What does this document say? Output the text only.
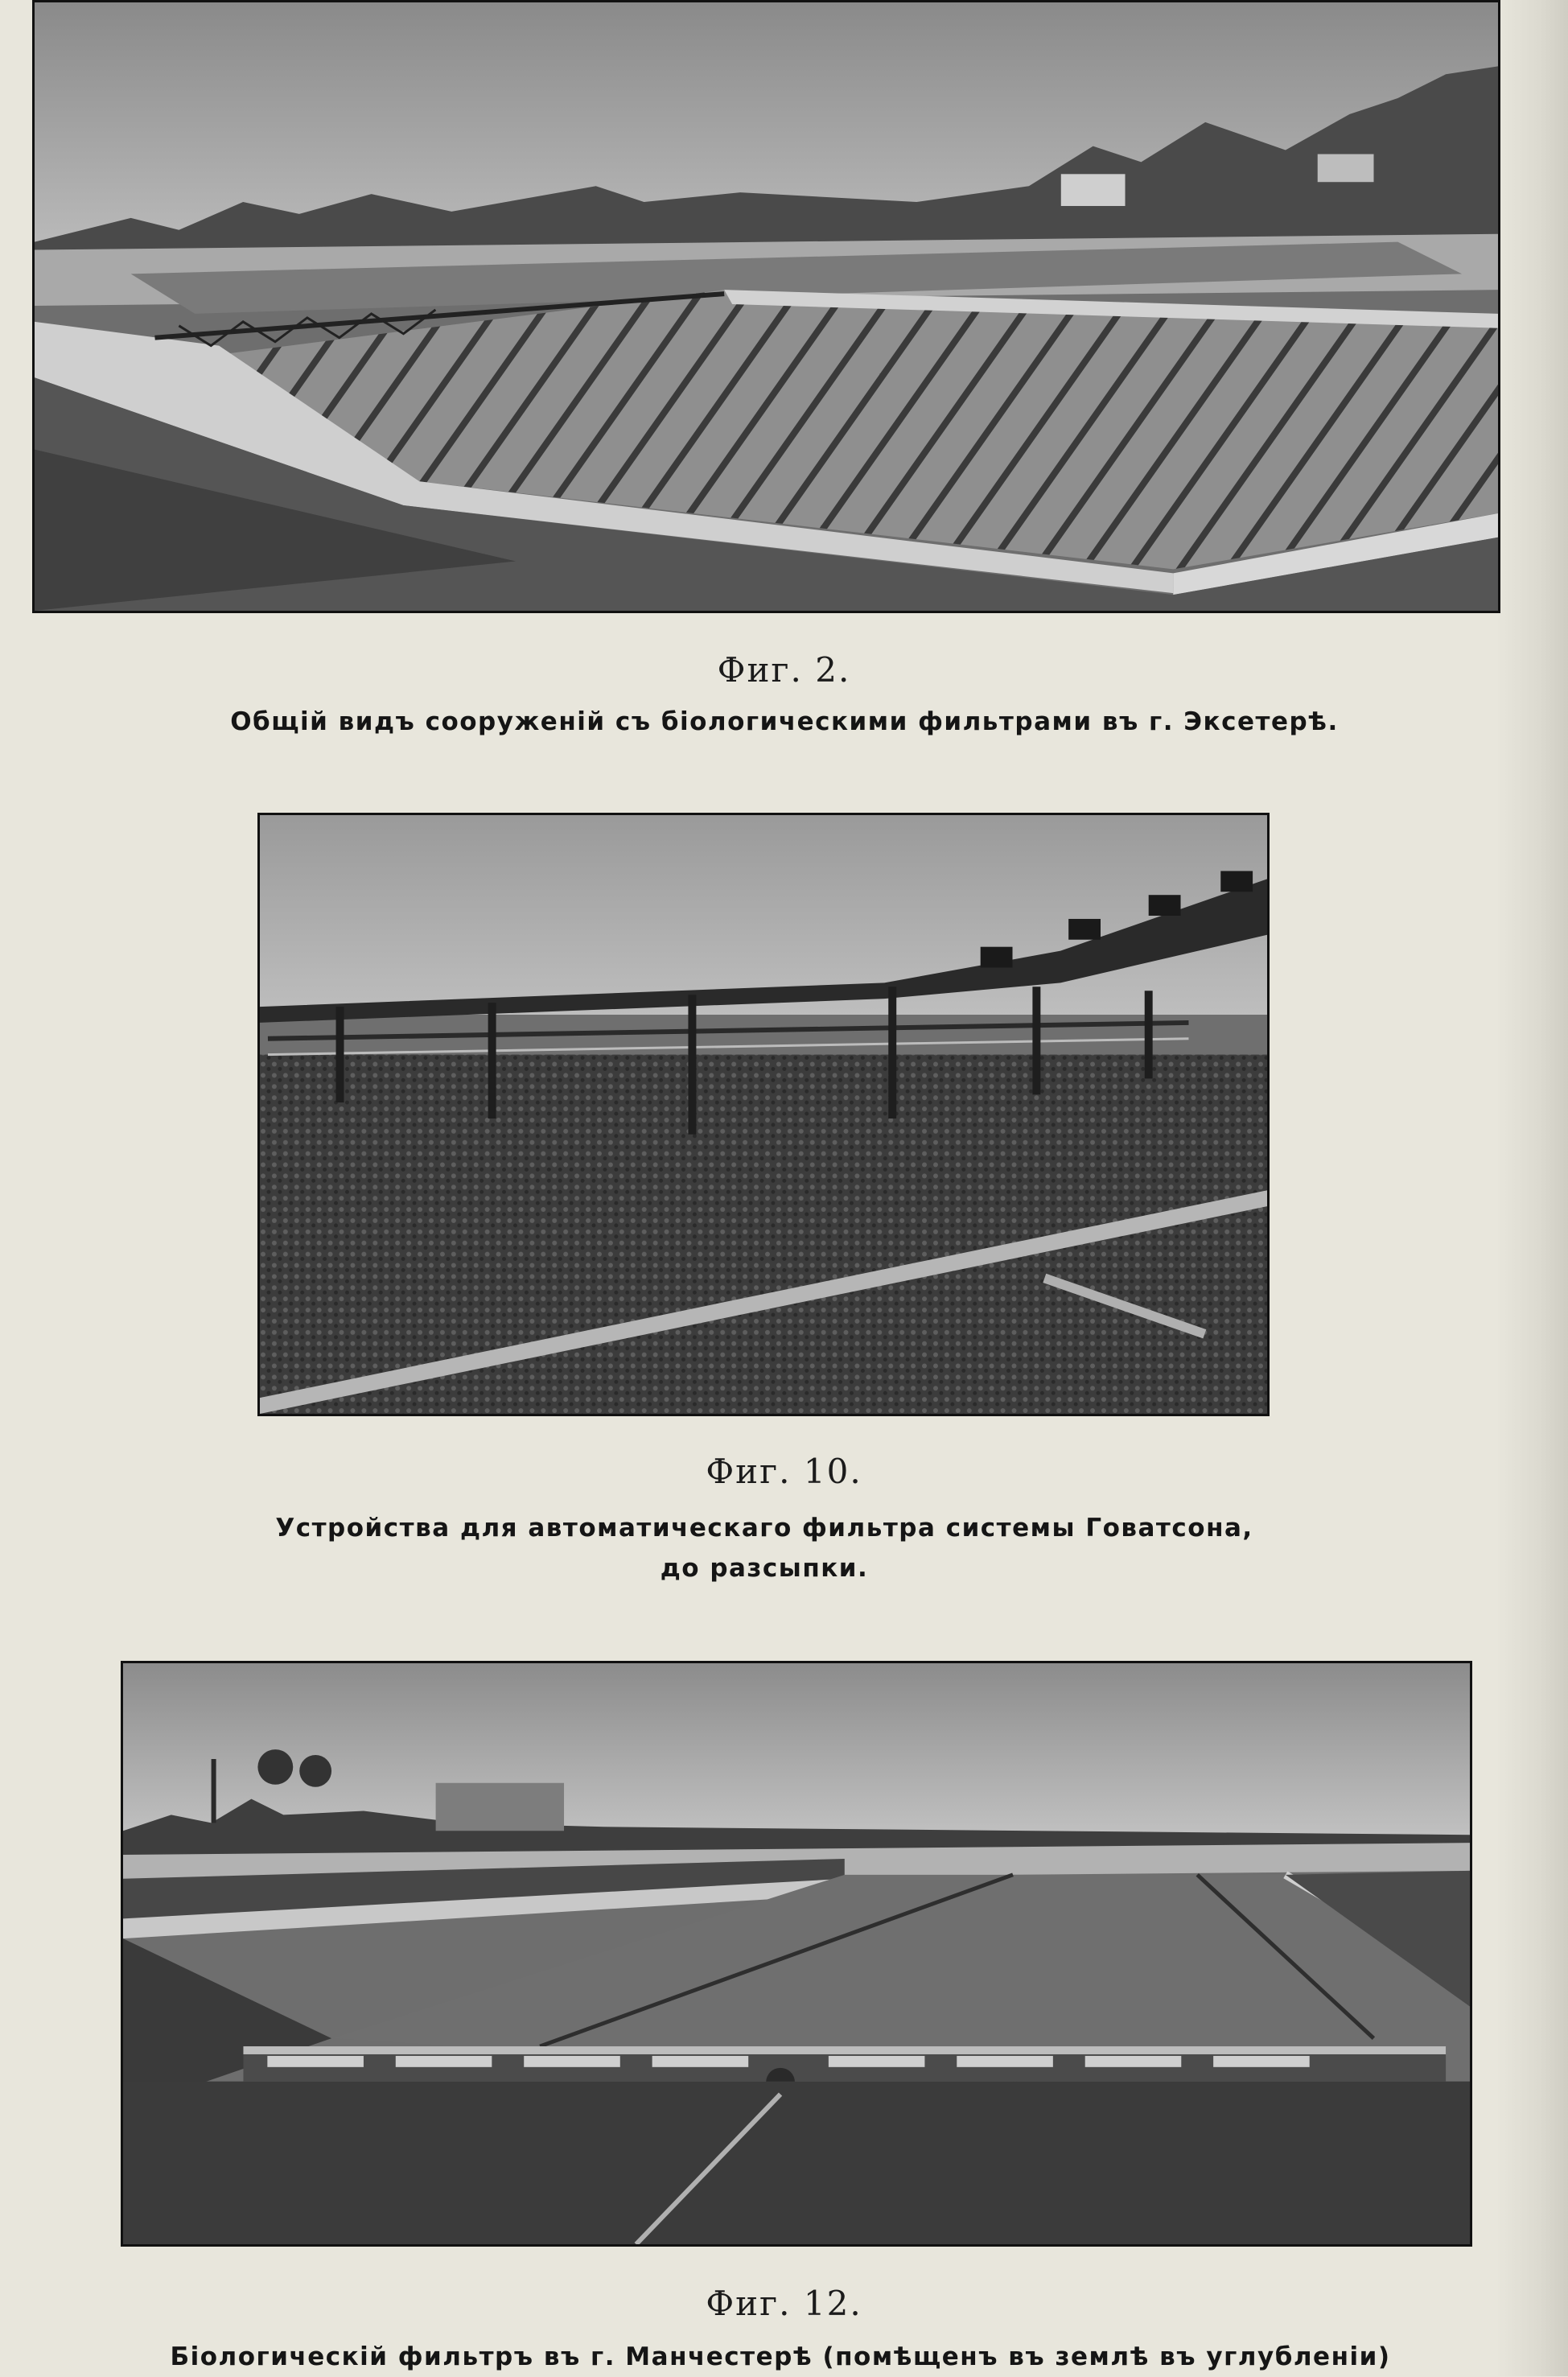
Фиг. 2.
Общій видъ сооруженій съ біологическими фильтрами въ г. Эксетерѣ.
Фиг. 10.
Устройства для автоматическаго фильтра системы Говатсона,
до разсыпки.
Фиг. 12.
Біологическій фильтръ въ г. Манчестерѣ (помѣщенъ въ землѣ въ углубленіи)
